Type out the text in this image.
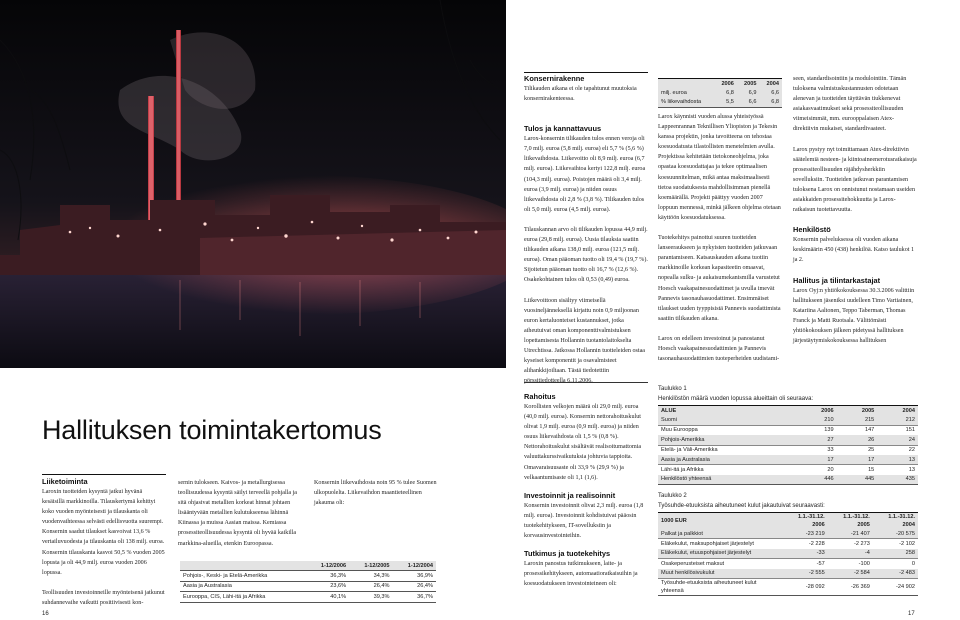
Hallituksen toimintakertomus
Liiketoiminta

Laroxin tuotteiden kysyntä jatkui hyvänä kesäisillä markkinoilla. Tilauskertymä kehittyi koko vuoden myönteisesti ja tilauskanta oli vuodenvaihteessa selvästi edellisvuotta suurempi. Konsernin saadut tilaukset kasvoivat 13,6 % vertailuvuodesta ja tilauskanta oli 138 milj. euroa. Konsernin tilauskanta kasvoi 50,5 % vuoden 2005 lopusta ja oli 44,9 milj. euroa vuoden 2006 lopussa.

Teollisuuden investoinneille myönteisenä jatkunut suhdannevaihe vaikutti positiivisesti kon-

sernin tulokseen. Kaivos- ja metallurgisessa teollisuudessa kysyntä säilyi terveellä pohjalla ja sitä ohjasivat metallien korkeat hinnat johtaen lisääntyvään metallien kulutukseensa lähinnä Kiinassa ja muissa Aasian maissa. Kemiassa prosessiteollisuudessa kysyntä oli hyvää kaikilla markkina-alueilla, etenkin Euroopassa.

Konsernin liikevaihdosta noin 95 % tulee Suomen ulkopuolelta. Liikevaihdon maantieteellinen jakauma oli:

	1-12/2006	1-12/2005	1-12/2004
Pohjois-, Keski- ja Etelä-Amerikka	36,3%	34,3%	36,9%
Aasia ja Australasia	23,6%	26,4%	26,4%
Eurooppa, CIS, Lähi-itä ja Afrikka	40,1%	39,3%	36,7%
16
Konsernirakenne

Tilikauden aikana ei ole tapahtunut muutoksia konsernirakenteessa.

Tulos ja kannattavuus

Larox-konsernin tilikauden tulos ennen veroja oli 7,0 milj. euroa (5,8 milj. euroa) eli 5,7 % (5,6 %) liikevaihdosta. Liikevoitto oli 8,9 milj. euroa (6,7 milj. euroa). Liikevaihtoa kertyi 122,8 milj. euroa (104,3 milj. euroa). Poistojen määrä oli 3,4 milj. euroa (3,9 milj. euroa) ja niiden osuus liikevaihdosta oli 2,8 % (3,8 %). Tilikauden tulos oli 5,0 milj. euroa (4,5 milj. euroa).

Tilauskannan arvo oli tilikauden lopussa 44,9 milj. euroa (29,8 milj. euroa). Uusia tilauksia saatiin tilikauden aikana 138,0 milj. euroa (121,5 milj. euroa). Oman pääoman tuotto oli 19,4 % (19,7 %). Sijoitetun pääoman tuotto oli 16,7 % (12,6 %). Osakekohtainen tulos oli 0,53 (0,49) euroa.

Liikevoittoon sisältyy viimeisellä vuosineljänneksellä kirjattu noin 0,9 miljoonan euron kertaluonteiset kustannukset, jotka aiheutuivat oman komponenttivalmistuksen lopettamisesta Hollannin tuotantolaitokselta Utrechtissa. Jatkossa Hollannin tuotteleiden ostaa kyseiset komponentit ja osavalmisteet alihankkijoiltaan. Tästä tiedotettiin pörssitiedotteella 6.11.2006.

Rahoitus

Korollisten velkojen määrä oli 29,0 milj. euroa (40,0 milj. euroa). Konsernin nettorahoituskulut olivat 1,9 milj. euroa (0,9 milj. euroa) ja niiden osuus liikevaihdosta oli 1,5 % (0,8 %). Nettorahoituskulut sisältävät realisoitumattomia valuuttakurssivaikutuksia johtuvia tappioita. Omavaraisuusaste oli 33,9 % (29,9 %) ja velkaantumisaste oli 1,1 (1,6).

Investoinnit ja realisoinnit

Konsernin investoinnit olivat 2,3 milj. euroa (1,8 milj. euroa). Investoinnit kohdistuivat pääosin tuotekehitykseen, IT-sovelluksiin ja korvausinvestointeihin.

Tutkimus ja tuotekehitys

Laroxin panostus tutkimukseen, laite- ja prosessikehitykseen, automaatioratkaisuihin ja koesuodatukseen investointeineen oli:

	2006	2005	2004
milj. euroa	6,8	6,9	6,6
% liikevaihdosta	5,5	6,6	6,8

Larox käynnisti vuoden alussa yhteistyössä Lappeenrannan Teknillisen Yliopiston ja Tekesin kanssa projektin, jonka tavoitteena on tehostaa koesuodatusta tilastollisten menetelmien avulla. Projektissa kehitetään tietokoneohjelma, joka opastaa koesuodattajaa ja tekee optimaalisen koesuunnitelman, mikä antaa maksimaalisesti tietoa suodatuksesta mahdollisimman pienellä koemäärällä. Projekti päättyy vuoden 2007 loppuun mennessä, minkä jälkeen ohjelma otetaan käyttöön koesuodatuksessa.

Tuotekehitys painottui suuren tuotteiden lanseeraukseen ja nykyisten tuotteiden jatkuvaan parantamiseen. Katsauskauden aikana tuotiin markkinoille korkean kapasiteetin omaavat, nopealla sulku- ja aukaisumekanismilla varustetut Hoesch vaakapainesuodattimet ja uvulla imevät Pannevis tasonauhasuodattimet. Ensimmäiset tilaukset uuden tyyppisistä Pannevis suodattimista saatiin tilikauden aikana.

Larox on edelleen investoinut ja panostanut Hoesch vaakapainesuodattimien ja Pannevis tasonauhasuodattimien tuoteperheiden uudistami-

seen, standardisointiin ja modulointiin. Tämän tuloksena valmistuskustannusten odotetaan alenevan ja tuotteiden täyttävän tiukkenevat asiakasvaatimukset sekä prosessiteollisuuden viimeisimmät, mm. eurooppalaisen Atex-direktiivin mukaiset, standardivaateet.

Larox pystyy nyt toimittamaan Atex-direktiivin säätelemiä nesteen- ja kiintoaineenerotusratkaisuja prosessiteollisuuden räjähdysherkkiin sovelluksiin. Tuotteiden jatkuvan parantamisen tuloksena Larox on onnistunut nostamaan useiden asiakkaiden prosessitehokkuutta ja Larox-ratkaisun tuotettavuutta.

Henkilöstö

Konsernin palveluksessa oli vuoden aikana keskimäärin 450 (438) henkilöä. Katso taulukot 1 ja 2.

Hallitus ja tilintarkastajat

Larox Oyj:n yhtiökokouksessa 30.3.2006 valittiin hallitukseen jäseniksi uudelleen Timo Vartiainen, Katariina Aaltonen, Teppo Taberman, Thomas Franck ja Matti Ruotsala. Välittömästi yhtiökokouksen jälkeen pidetyssä hallituksen järjestäytymiskokouksessa hallituksen

Taulukko 1
Henkilöstön määrä vuoden lopussa alueittain oli seuraava:
ALUE	2006	2005	2004
Suomi	210	215	212
Muu Eurooppa	139	147	151
Pohjois-Amerikka	27	26	24
Etelä- ja Väli-Amerikka	33	25	22
Aasia ja Australasia	17	17	13
Lähi-itä ja Afrikka	20	15	13
Henkilöstö yhteensä	446	445	435
Taulukko 2
Työsuhde-etuuksista aiheutuneet kulut jakautuivat seuraavasti:
1000 EUR	1.1.-31.12. 2006	1.1.-31.12. 2005	1.1.-31.12. 2004
Palkat ja palkkiot	-23 219	-21 407	-20 575
Eläkekulut, maksupohjaiset järjestelyt	-2 228	-2 273	-2 102
Eläkekulut, etuuspohjaiset järjestelyt	-33	-4	258
Osakeperusteiset maksut	-57	-100	0
Muut henkilösivukulut	-2 555	-2 584	-2 483
Työsuhde-etuuksista aiheutuneet kulut yhteensä	-28 092	-26 369	-24 902
17
